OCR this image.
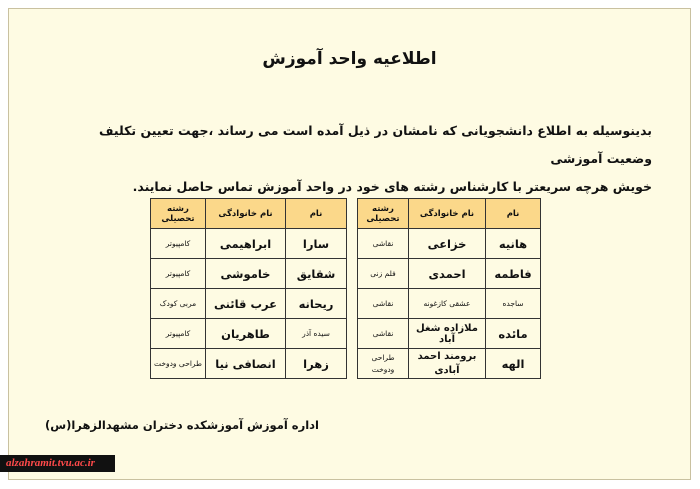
اطلاعیه واحد آموزش

بدینوسیله به اطلاع دانشجویانی که نامشان در ذیل آمده است می رساند ،جهت تعیین تکلیف وضعیت آموزشی

خویش هرچه سریعتر با کارشناس رشته های خود در واحد آموزش تماس حاصل نمایند.

نام	نام خانوادگی	رشته تحصیلی
هانیه	خزاعی	نقاشی
فاطمه	احمدی	فلم زنی
ساجده	عشقی کازغونه	نقاشی
مائده	ملازاده شغل آباد	نقاشی
الهه	برومند احمد آبادی	طراحی ودوخت
نام	نام خانوادگی	رشته تحصیلی
سارا	ابراهیمی	کامپیوتر
شقایق	خاموشی	کامپیوتر
ریحانه	عرب قائنی	مربی کودک
سیده آذر	طاهریان	کامپیوتر
زهرا	انصافی نیا	طراحی ودوخت
اداره آموزش آموزشکده دختران مشهدالزهرا(س)
alzahramit.tvu.ac.ir
